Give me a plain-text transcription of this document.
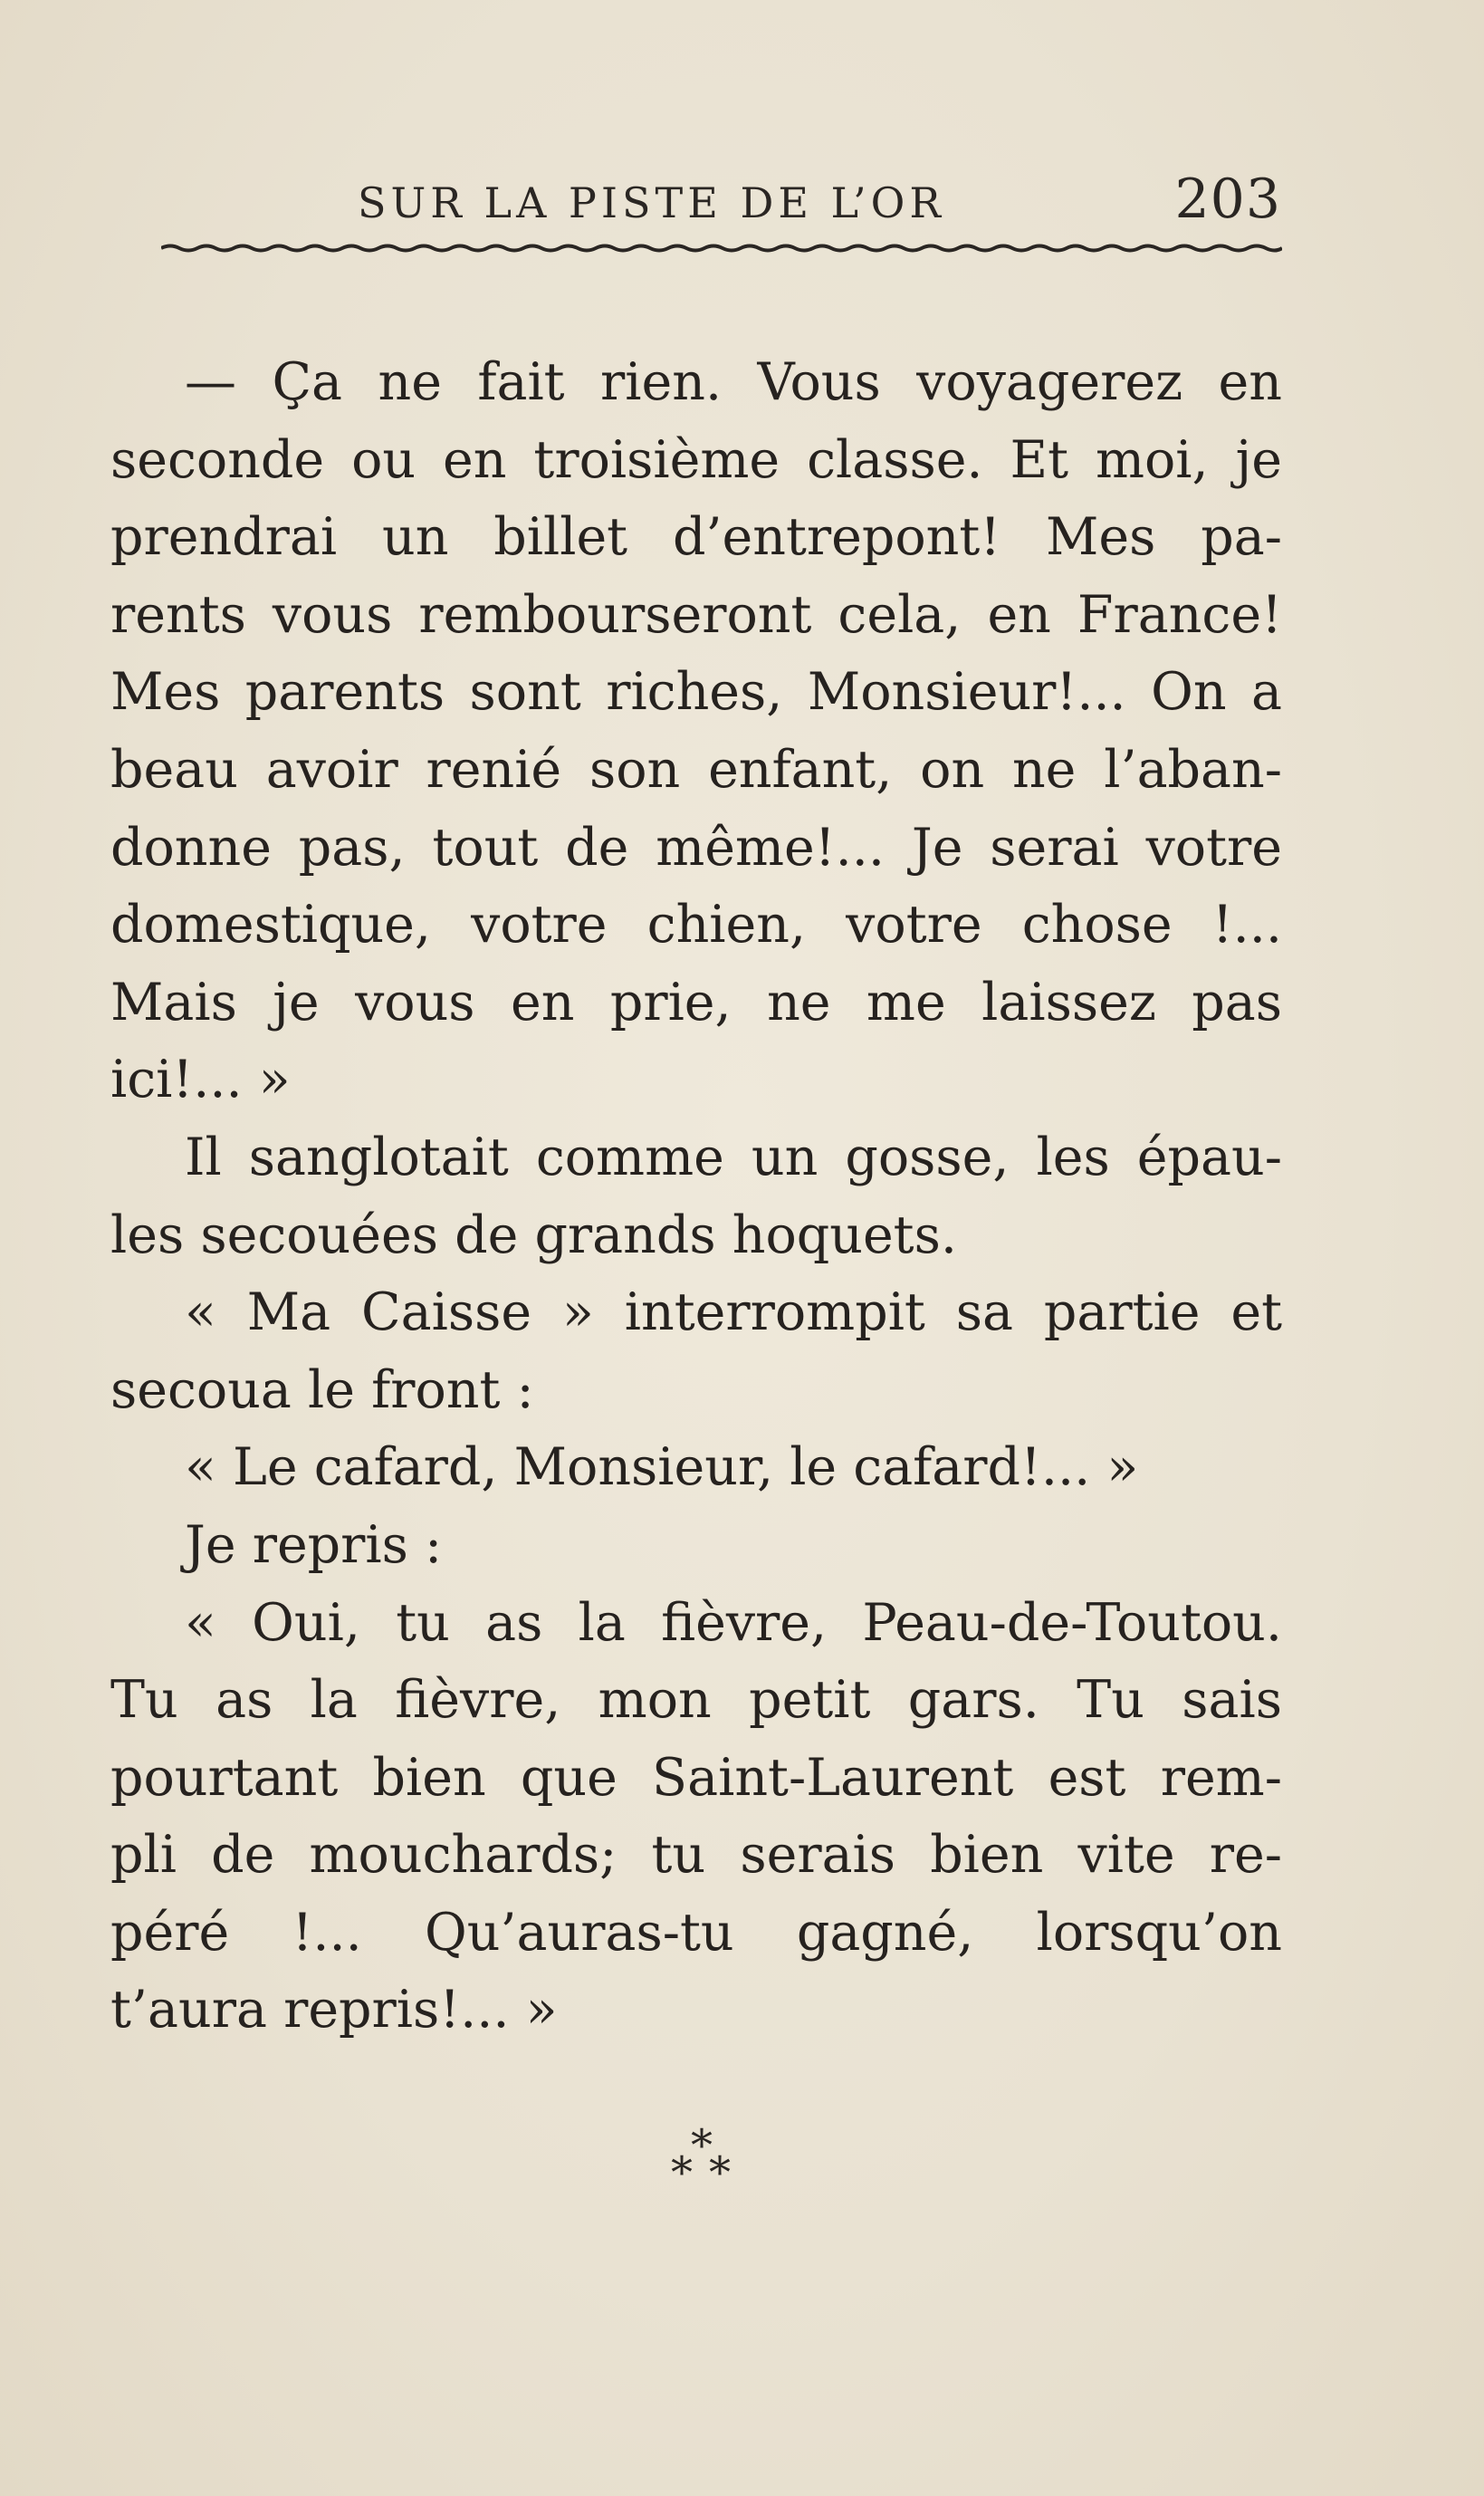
SUR LA PISTE DE L’OR	203
— Ça ne fait rien. Vous voyagerez en
seconde ou en troisième classe. Et moi, je
prendrai un billet d’entrepont! Mes pa-
rents vous rembourseront cela, en France!
Mes parents sont riches, Monsieur!... On a
beau avoir renié son enfant, on ne l’aban-
donne pas, tout de même!... Je serai votre
domestique, votre chien, votre chose !...
Mais je vous en prie, ne me laissez pas
ici!... »
Il sanglotait comme un gosse, les épau-
les secouées de grands hoquets.
« Ma Caisse » interrompit sa partie et
secoua le front :
« Le cafard, Monsieur, le cafard!... »
Je repris :
« Oui, tu as la fièvre, Peau-de-Toutou.
Tu as la fièvre, mon petit gars. Tu sais
pourtant bien que Saint-Laurent est rem-
pli de mouchards; tu serais bien vite re-
péré !... Qu’auras-tu gagné, lorsqu’on
t’aura repris!... »
*
* *
